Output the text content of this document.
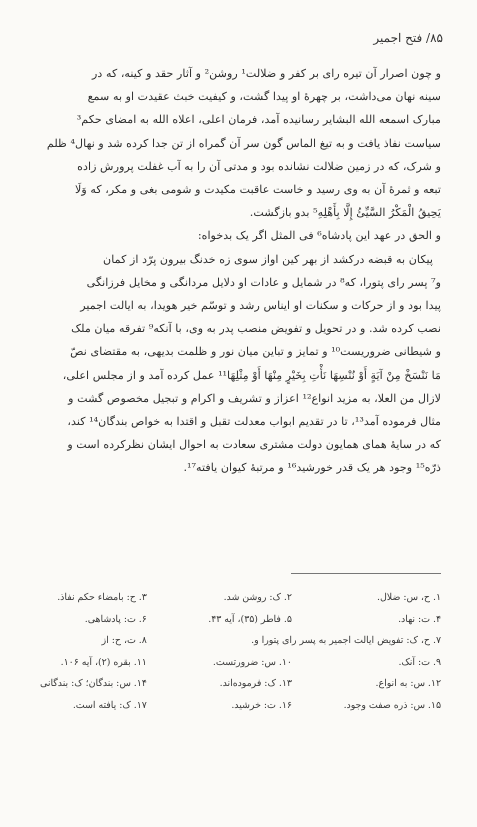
۸۵/ فتح اجمیر
و چون اصرار آن تیره رای بر کفر و ضلالت¹ روشن² و آثار حقد و کینه، که در
سینه نهان می‌داشت، بر چهرهٔ او پیدا گشت، و کیفیت خبث عقیدت او به سمع
مبارک اسمعه الله البشایر رسانیده آمد، فرمان اعلی، اعلاه الله به امضای حکم³
سیاست نفاذ یافت و به تیغ الماس گون سر آن گمراه از تن جدا کرده شد و نهال⁴ ظلم
و شرک، که در زمین ضلالت نشانده بود و مدتی آن را به آب غفلت پرورش زاده
تبعه و ثمرهٔ آن به وی رسید و خاست عاقبت مکیدت و شومی بغی و مکر، که وَلَا
یَحِیقُ الْمَکْرُ السَّیِّئُ إِلَّا بِأَهْلِهِ⁵ بدو بازگشت.
و الحق در عهد این پادشاه⁶ فی المثل اگر یک بدخواه:
پیکان به قبضه درکشد از بهر کین او
از سوی زه خدنگ بیرون پرّد از کمان
و⁷ پسر رای پتورا، که⁸ در شمایل و عادات او دلایل مردانگی و مخایل فرزانگی
پیدا بود و از حرکات و سکنات او ایناس رشد و توسّم خیر هویدا، به ایالت اجمیر
نصب کرده شد. و در تحویل و تفویض منصب پدر به وی، با آنکه⁹ تفرقه میان ملک
و شیطانی ضروریست¹⁰ و تمایز و تباین میان نور و ظلمت بدیهی، به مقتضای نصّ
مَا نَنْسَخْ مِنْ آيَةٍ أَوْ نُنْسِهَا نَأْتِ بِخَيْرٍ مِنْهَا أَوْ مِثْلِهَا¹¹ عمل کرده آمد و از مجلس اعلی،
لازال من العلا، به مزید انواع¹² اعزاز و تشریف و اکرام و تبجیل مخصوص گشت و
مثال فرموده آمد¹³، تا در تقدیم ابواب معدلت تقبل و اقتدا به خواص بندگان¹⁴ کند،
که در سایهٔ همای همایون دولت مشتری سعادت به احوال ایشان نظرکرده است و
ذرّه¹⁵ وجود هر یک قدر خورشید¹⁶ و مرتبهٔ کیوان یافته¹⁷.
۱. ح، س: ضلال.
۲. ک: روشن شد.
۳. ح: بامضاء حکم نفاذ.
۴. ت: نهاد.
۵. فاطر (۳۵)، آیه ۴۳.
۶. ت: پادشاهی.
۷. ح، ک: تفویض ایالت اجمیر به پسر رای پتورا و.
۸. ت، ح: از
۹. ت: آنک.
۱۰. س: ضرورتست.
۱۱. بقره (۲)، آیه ۱۰۶.
۱۲. س: به انواع.
۱۳. ک: فرموده‌اند.
۱۴. س: بندگان؛ ک: بندگانی
۱۵. س: ذره صفت وجود.
۱۶. ت: خرشید.
۱۷. ک: یافته است.
